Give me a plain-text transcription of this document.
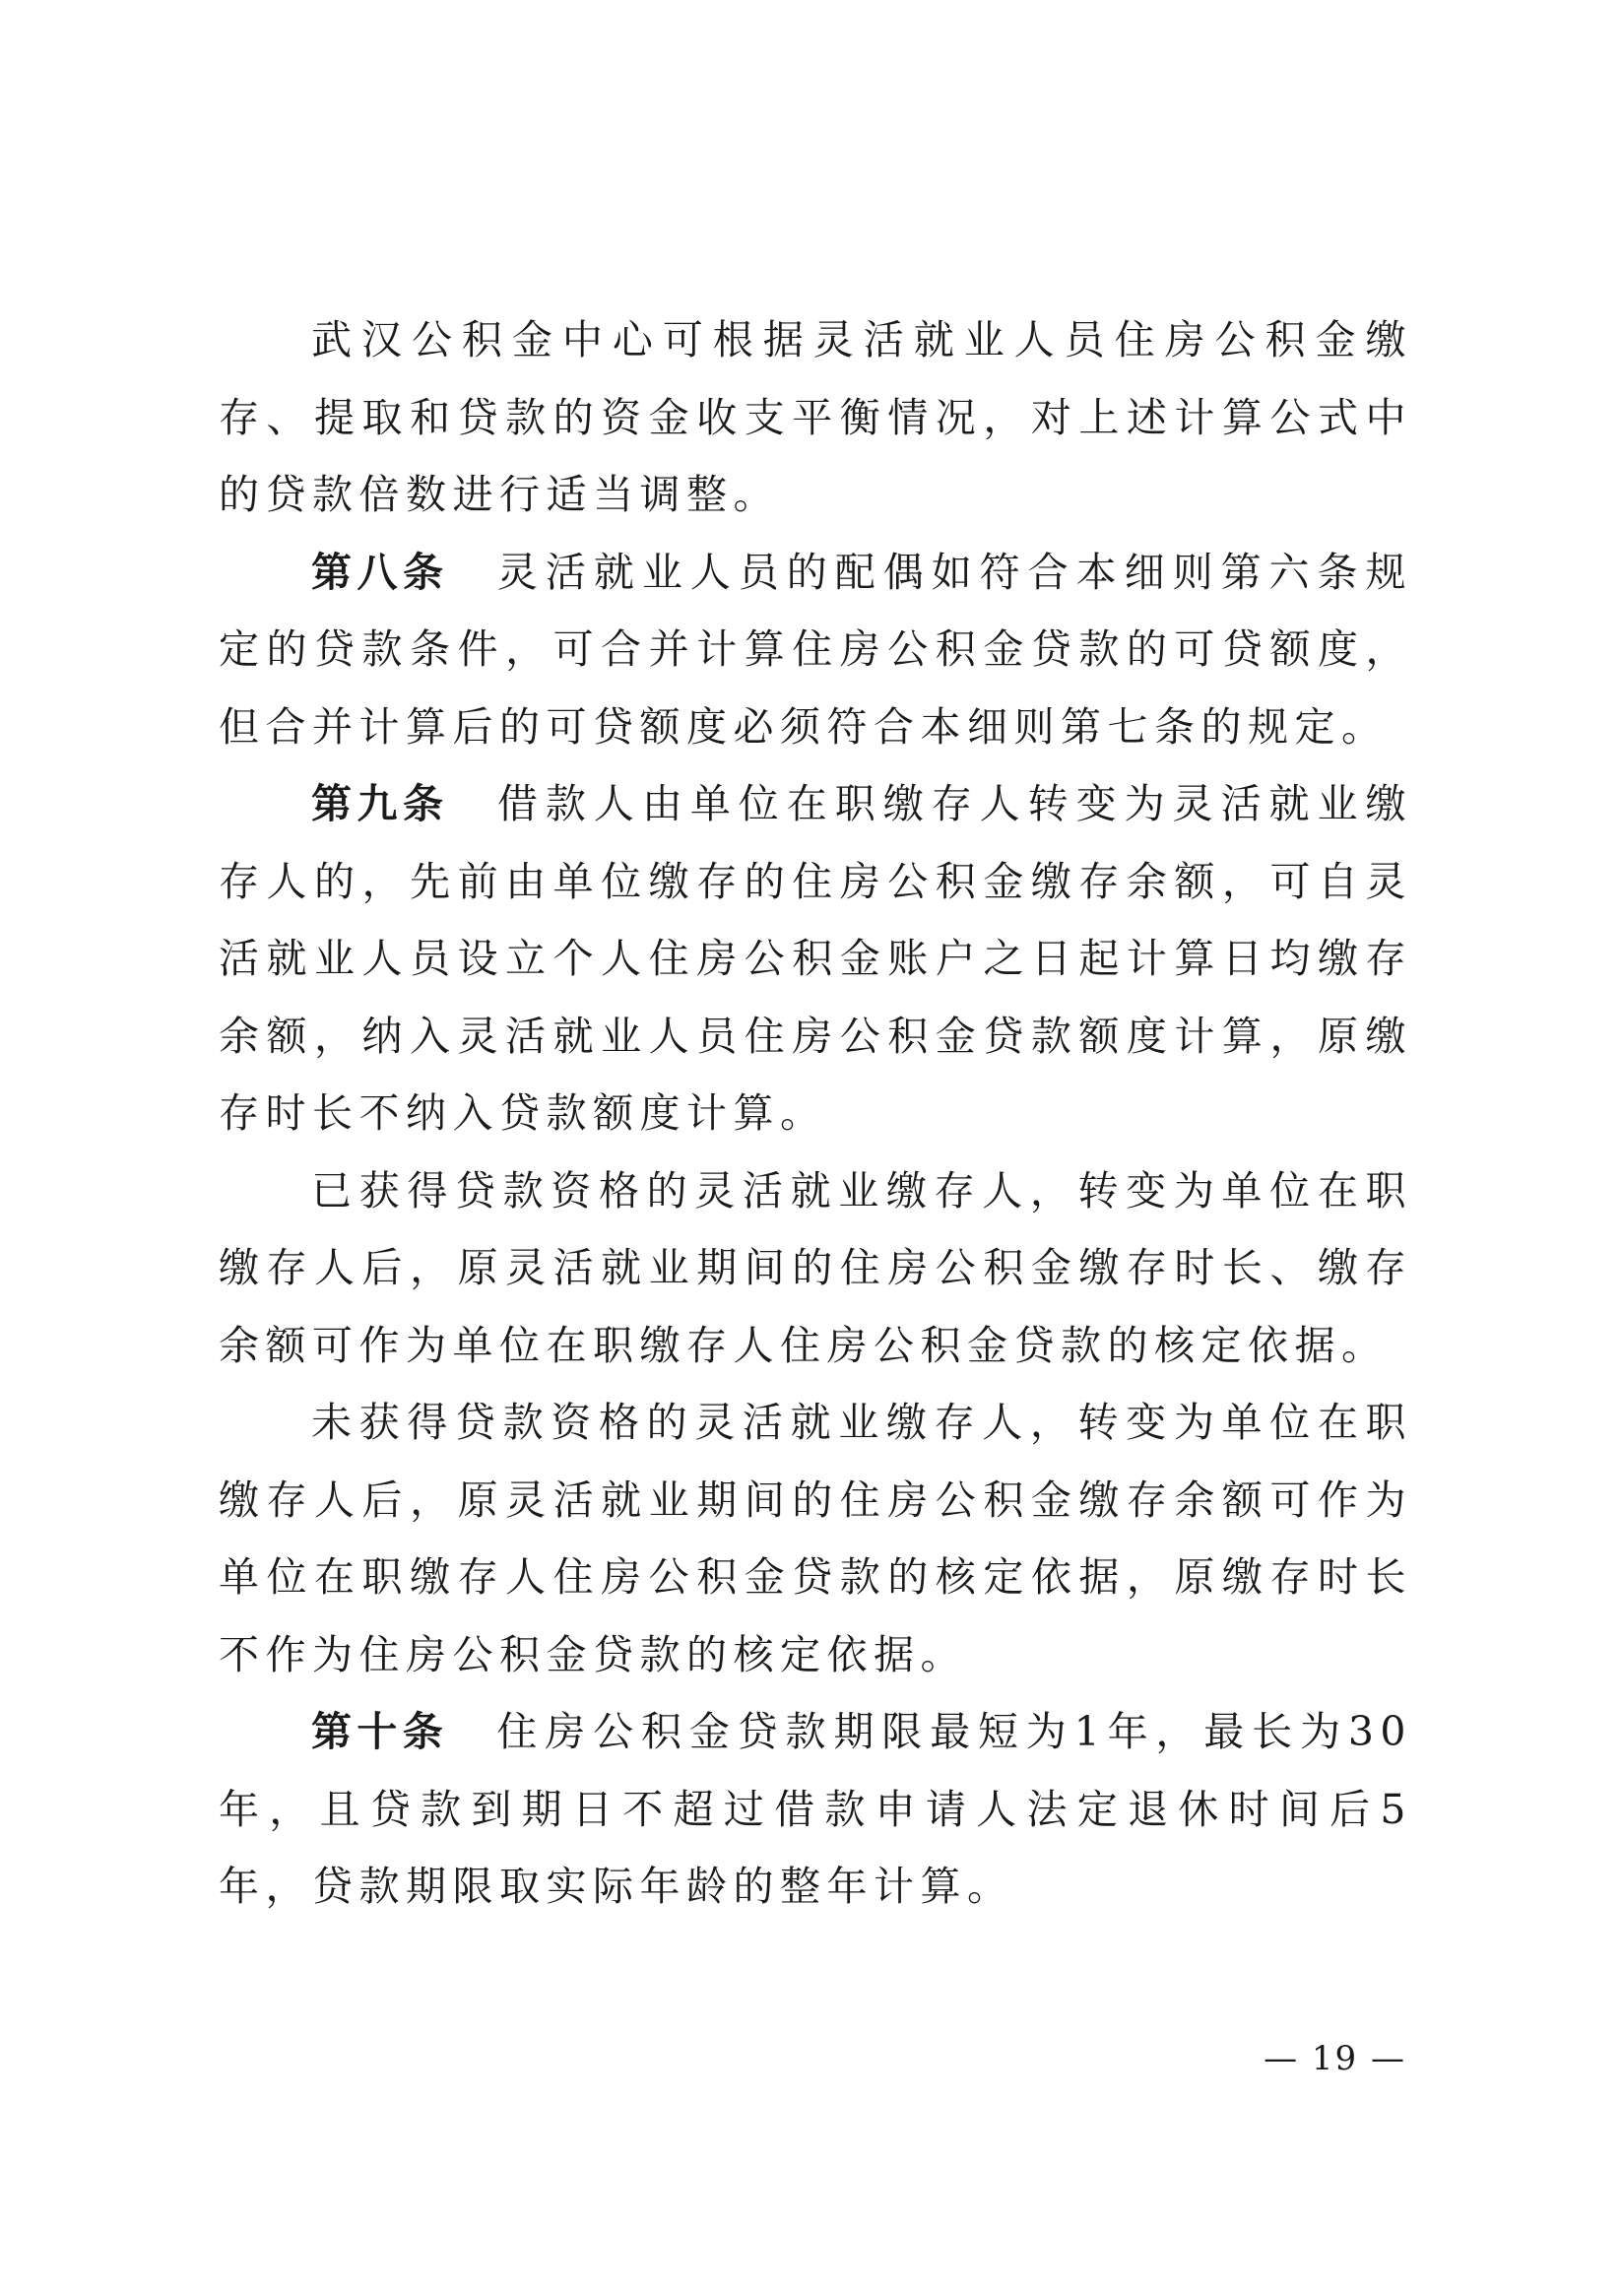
武汉公积金中心可根据灵活就业人员住房公积金缴存、提取和贷款的资金收支平衡情况，对上述计算公式中的贷款倍数进行适当调整。

第八条 灵活就业人员的配偶如符合本细则第六条规定的贷款条件，可合并计算住房公积金贷款的可贷额度，但合并计算后的可贷额度必须符合本细则第七条的规定。

第九条 借款人由单位在职缴存人转变为灵活就业缴存人的，先前由单位缴存的住房公积金缴存余额，可自灵活就业人员设立个人住房公积金账户之日起计算日均缴存余额，纳入灵活就业人员住房公积金贷款额度计算，原缴存时长不纳入贷款额度计算。

已获得贷款资格的灵活就业缴存人，转变为单位在职缴存人后，原灵活就业期间的住房公积金缴存时长、缴存余额可作为单位在职缴存人住房公积金贷款的核定依据。

未获得贷款资格的灵活就业缴存人，转变为单位在职缴存人后，原灵活就业期间的住房公积金缴存余额可作为单位在职缴存人住房公积金贷款的核定依据，原缴存时长不作为住房公积金贷款的核定依据。

第十条 住房公积金贷款期限最短为1年，最长为30年，且贷款到期日不超过借款申请人法定退休时间后5年，贷款期限取实际年龄的整年计算。

— 19 —
